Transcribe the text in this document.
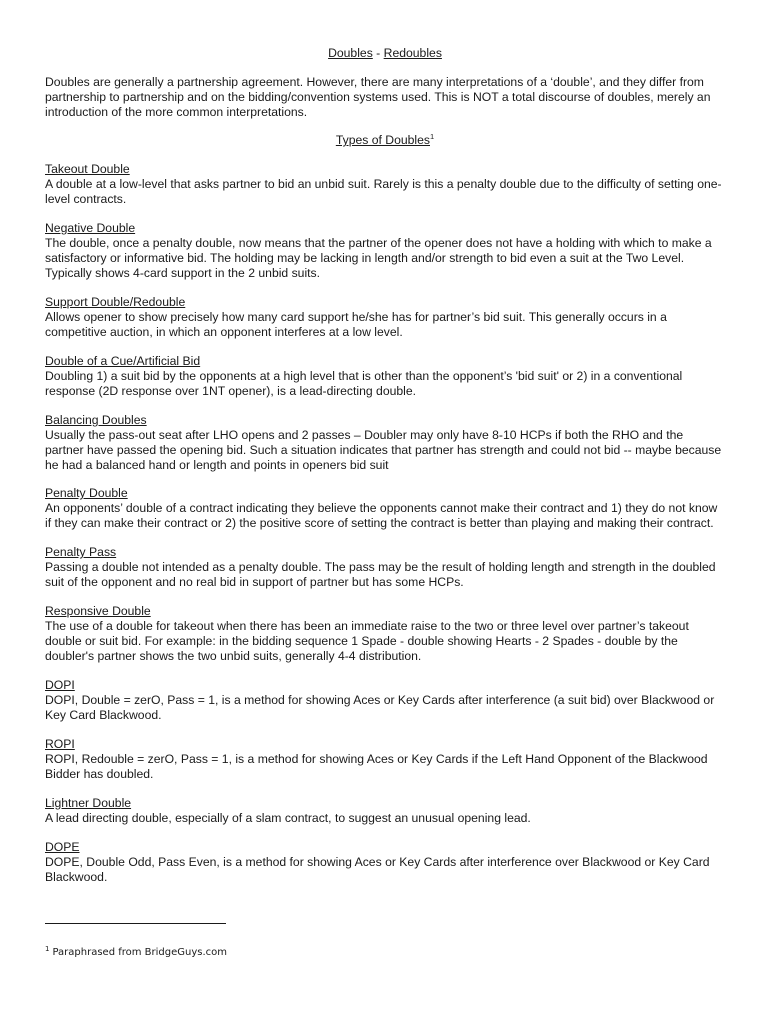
Doubles - Redoubles

Doubles are generally a partnership agreement. However, there are many interpretations of a ‘double’, and they differ from partnership to partnership and on the bidding/convention systems used. This is NOT a total discourse of doubles, merely an introduction of the more common interpretations.

Types of Doubles$^1$

Takeout Double

A double at a low-level that asks partner to bid an unbid suit. Rarely is this a penalty double due to the difficulty of setting one-level contracts.

Negative Double

The double, once a penalty double, now means that the partner of the opener does not have a holding with which to make a satisfactory or informative bid. The holding may be lacking in length and/or strength to bid even a suit at the Two Level. Typically shows 4-card support in the 2 unbid suits.

Support Double/Redouble

Allows opener to show precisely how many card support he/she has for partner’s bid suit. This generally occurs in a competitive auction, in which an opponent interferes at a low level.

Double of a Cue/Artificial Bid

Doubling 1) a suit bid by the opponents at a high level that is other than the opponent’s 'bid suit' or 2) in a conventional response (2D response over 1NT opener), is a lead-directing double.

Balancing Doubles

Usually the pass-out seat after LHO opens and 2 passes – Doubler may only have 8-10 HCPs if both the RHO and the partner have passed the opening bid. Such a situation indicates that partner has strength and could not bid -- maybe because he had a balanced hand or length and points in openers bid suit

Penalty Double

An opponents’ double of a contract indicating they believe the opponents cannot make their contract and 1) they do not know if they can make their contract or 2) the positive score of setting the contract is better than playing and making their contract.

Penalty Pass

Passing a double not intended as a penalty double. The pass may be the result of holding length and strength in the doubled suit of the opponent and no real bid in support of partner but has some HCPs.

Responsive Double

The use of a double for takeout when there has been an immediate raise to the two or three level over partner’s takeout double or suit bid. For example: in the bidding sequence 1 Spade - double showing Hearts - 2 Spades - double by the doubler's partner shows the two unbid suits, generally 4-4 distribution.

DOPI

DOPI, Double = zerO, Pass = 1, is a method for showing Aces or Key Cards after interference (a suit bid) over Blackwood or Key Card Blackwood.

ROPI

ROPI, Redouble = zerO, Pass = 1, is a method for showing Aces or Key Cards if the Left Hand Opponent of the Blackwood Bidder has doubled.

Lightner Double

A lead directing double, especially of a slam contract, to suggest an unusual opening lead.

DOPE

DOPE, Double Odd, Pass Even, is a method for showing Aces or Key Cards after interference over Blackwood or Key Card Blackwood.

$^1$ Paraphrased from BridgeGuys.com
